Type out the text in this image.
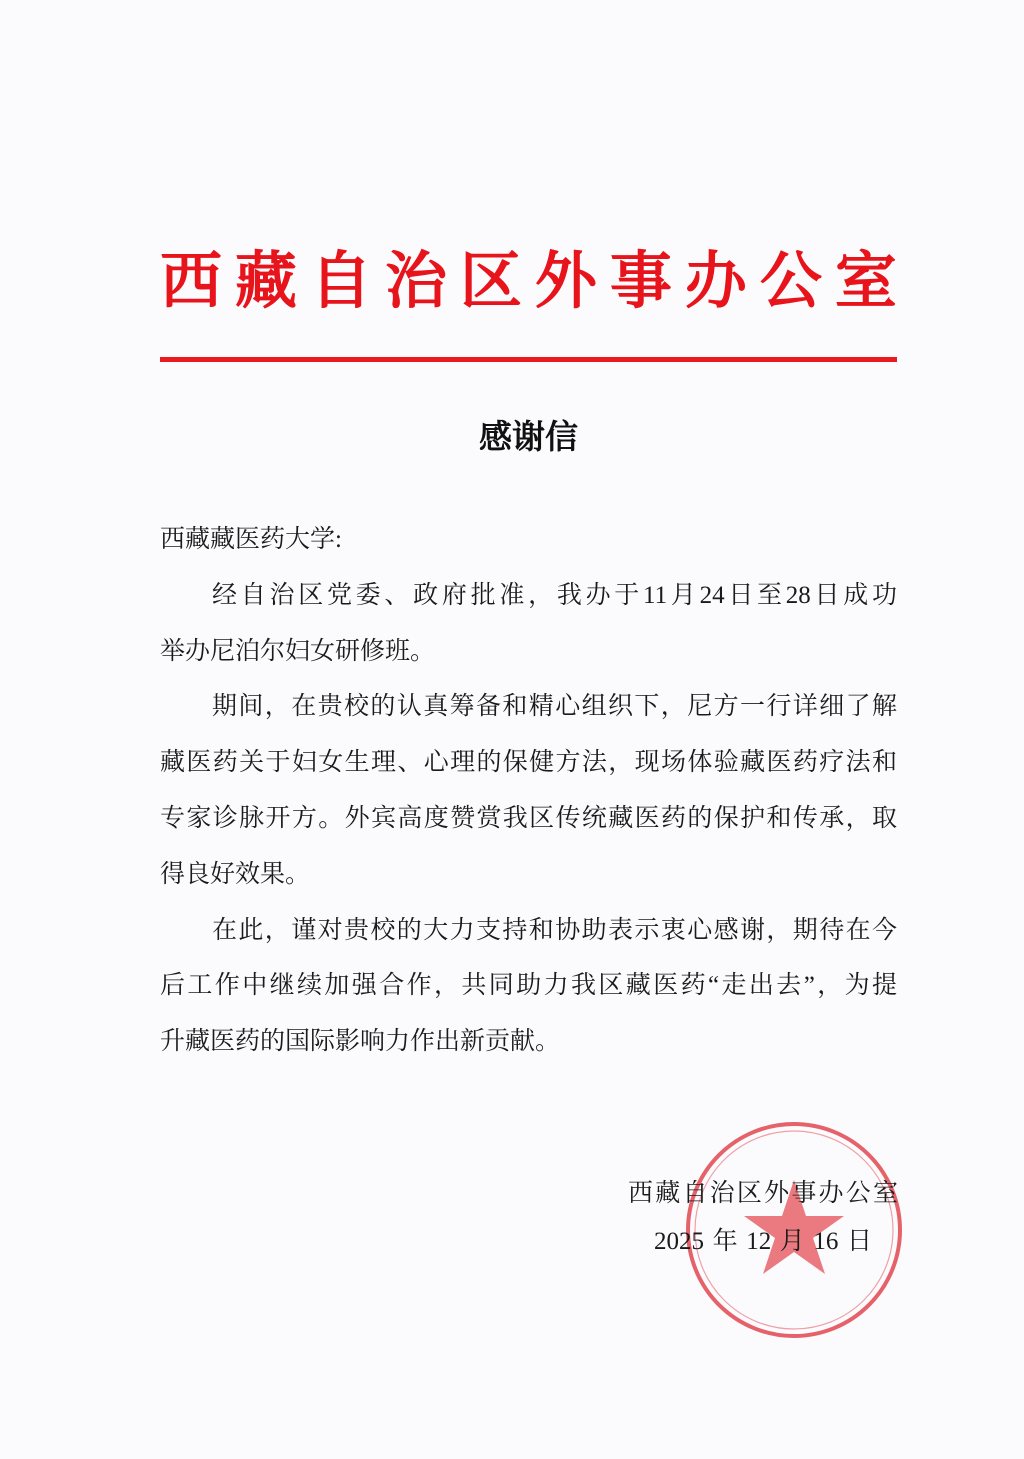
西 藏 自 治 区 外 事 办 公 室
感谢信
西藏藏医药大学:
经自治区党委、政府批准，我办于11月24日至28日成功
举办尼泊尔妇女研修班。
期间，在贵校的认真筹备和精心组织下，尼方一行详细了解
藏医药关于妇女生理、心理的保健方法，现场体验藏医药疗法和
专家诊脉开方。外宾高度赞赏我区传统藏医药的保护和传承，取
得良好效果。
在此，谨对贵校的大力支持和协助表示衷心感谢，期待在今
后工作中继续加强合作，共同助力我区藏医药“走出去”，为提
升藏医药的国际影响力作出新贡献。
西藏自治区外事办公室
2025年12月16日
